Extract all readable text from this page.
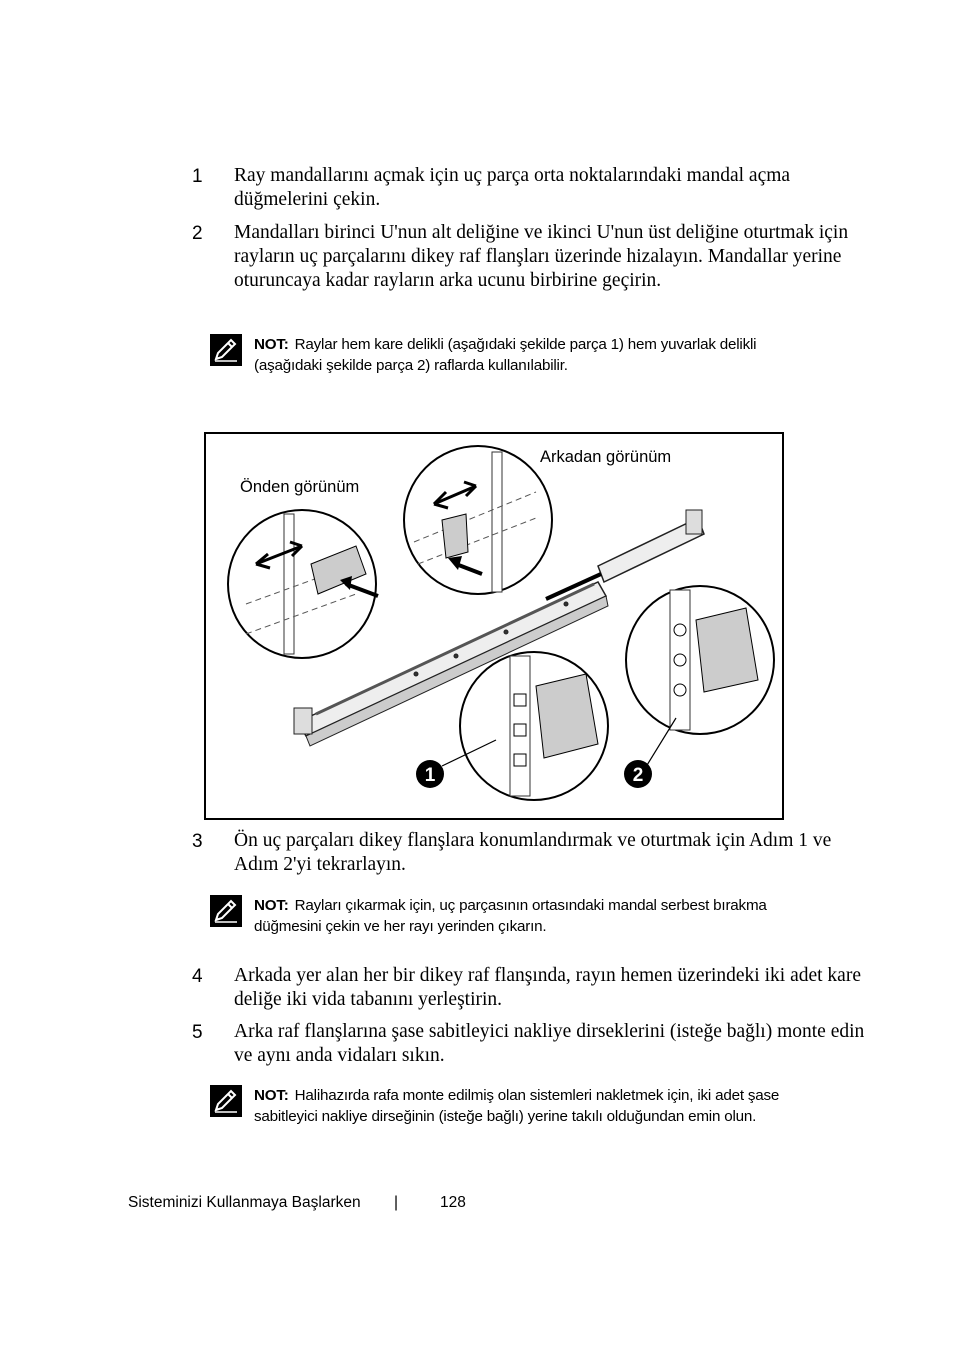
1 Ray mandallarını açmak için uç parça orta noktalarındaki mandal açma düğmelerini çekin.
2 Mandalları birinci U'nun alt deliğine ve ikinci U'nun üst deliğine oturtmak için rayların uç parçalarını dikey raf flanşları üzerinde hizalayın. Mandallar yerine oturuncaya kadar rayların arka ucunu birbirine geçirin.
NOT: Raylar hem kare delikli (aşağıdaki şekilde parça 1) hem yuvarlak delikli (aşağıdaki şekilde parça 2) raflarda kullanılabilir.
1	2
Arkadan görünüm
Önden görünüm
3 Ön uç parçaları dikey flanşlara konumlandırmak ve oturtmak için Adım 1 ve Adım 2'yi tekrarlayın.
NOT: Rayları çıkarmak için, uç parçasının ortasındaki mandal serbest bırakma düğmesini çekin ve her rayı yerinden çıkarın.
4 Arkada yer alan her bir dikey raf flanşında, rayın hemen üzerindeki iki adet kare deliğe iki vida tabanını yerleştirin.
5 Arka raf flanşlarına şase sabitleyici nakliye dirseklerini (isteğe bağlı) monte edin ve aynı anda vidaları sıkın.
NOT: Halihazırda rafa monte edilmiş olan sistemleri nakletmek için, iki adet şase sabitleyici nakliye dirseğinin (isteğe bağlı) yerine takılı olduğundan emin olun.
Sisteminizi Kullanmaya Başlarken |	128
